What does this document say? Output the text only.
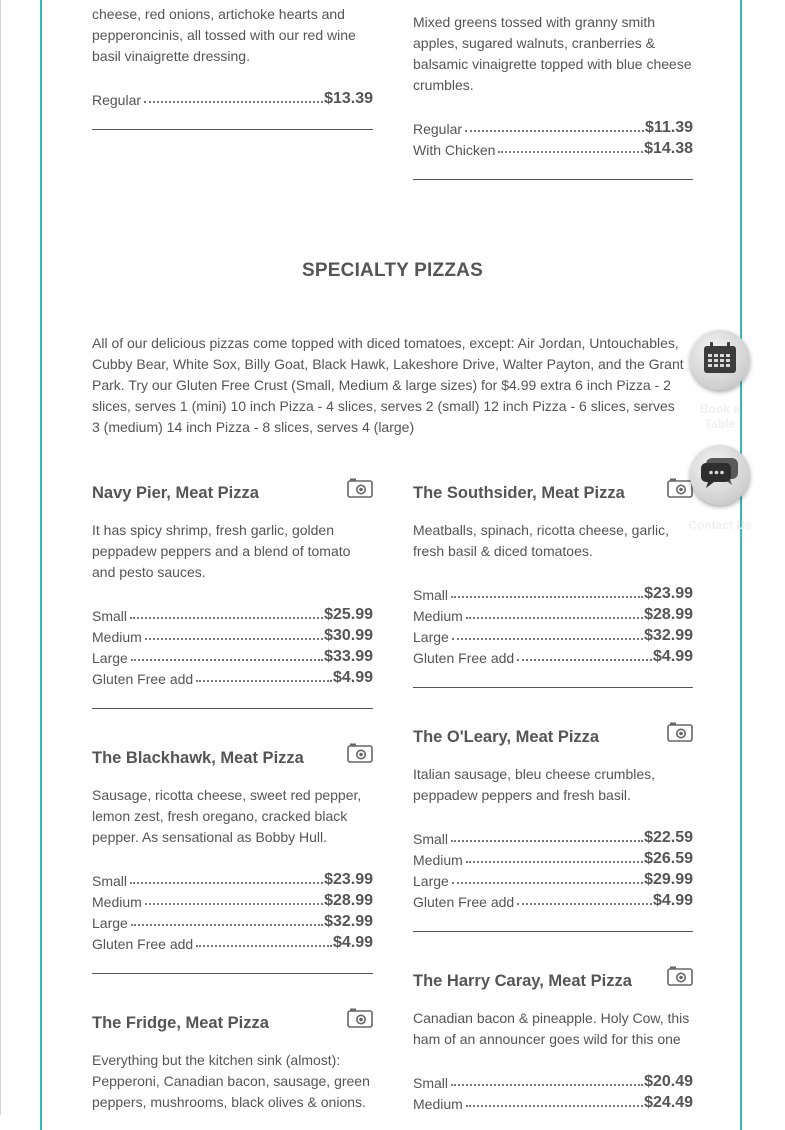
cheese, red onions, artichoke hearts and pepperoncinis, all tossed with our red wine basil vinaigrette dressing.

Regular	$13.39

Mixed greens tossed with granny smith apples, sugared walnuts, cranberries & balsamic vinaigrette topped with blue cheese crumbles.

Regular	$11.39
With Chicken	$14.38
SPECIALTY PIZZAS

All of our delicious pizzas come topped with diced tomatoes, except: Air Jordan, Untouchables, Cubby Bear, White Sox, Billy Goat, Black Hawk, Lakeshore Drive, Walter Payton, and the Grant Park. Try our Gluten Free Crust (Small, Medium & large sizes) for $4.99 extra 6 inch Pizza - 2 slices, serves 1 (mini) 10 inch Pizza - 4 slices, serves 2 (small) 12 inch Pizza - 6 slices, serves 3 (medium) 14 inch Pizza - 8 slices, serves 4 (large)

Navy Pier, Meat Pizza

It has spicy shrimp, fresh garlic, golden peppadew peppers and a blend of tomato and pesto sauces.

Small	$25.99
Medium	$30.99
Large	$33.99
Gluten Free add	$4.99
The Southsider, Meat Pizza

Meatballs, spinach, ricotta cheese, garlic, fresh basil & diced tomatoes.

Small	$23.99
Medium	$28.99
Large	$32.99
Gluten Free add	$4.99
The Blackhawk, Meat Pizza

Sausage, ricotta cheese, sweet red pepper, lemon zest, fresh oregano, cracked black pepper. As sensational as Bobby Hull.

Small	$23.99
Medium	$28.99
Large	$32.99
Gluten Free add	$4.99
The O'Leary, Meat Pizza

Italian sausage, bleu cheese crumbles, peppadew peppers and fresh basil.

Small	$22.59
Medium	$26.59
Large	$29.99
Gluten Free add	$4.99
The Fridge, Meat Pizza

Everything but the kitchen sink (almost): Pepperoni, Canadian bacon, sausage, green peppers, mushrooms, black olives & onions.

The Harry Caray, Meat Pizza

Canadian bacon & pineapple. Holy Cow, this ham of an announcer goes wild for this one

Small	$20.49
Medium	$24.49
Book a Table
Contact Us
